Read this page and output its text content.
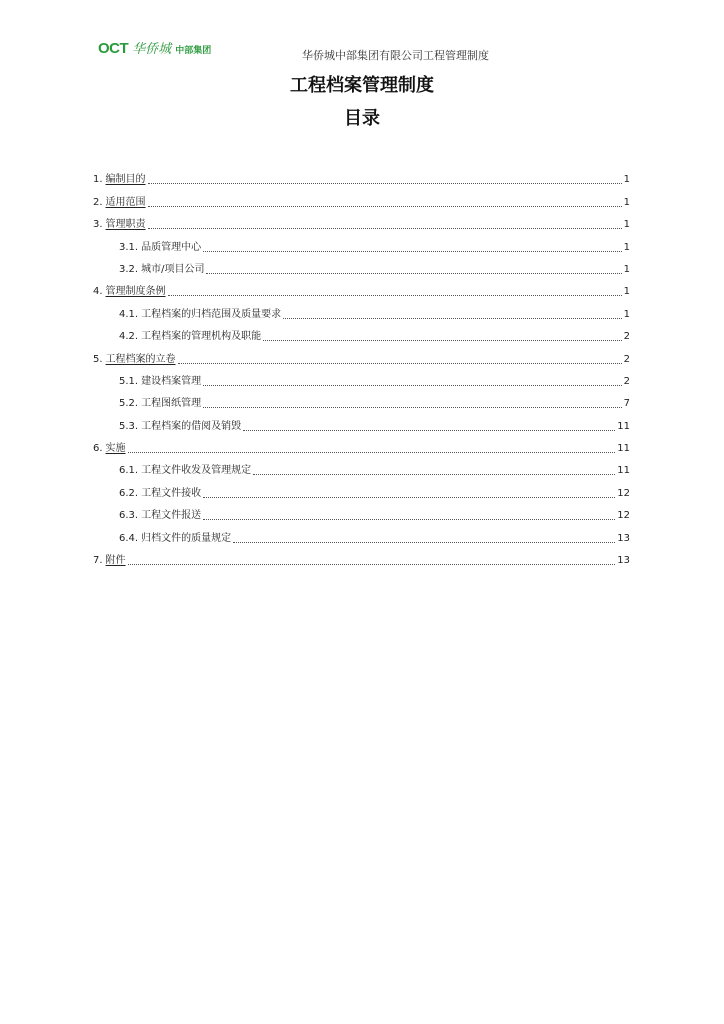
OCT 华侨城 中部集团	华侨城中部集团有限公司工程管理制度
工程档案管理制度
目录
1. 编制目的	1
2. 适用范围	1
3. 管理职责	1
3.1. 品质管理中心	1
3.2. 城市/项目公司	1
4. 管理制度条例	1
4.1. 工程档案的归档范围及质量要求	1
4.2. 工程档案的管理机构及职能	2
5. 工程档案的立卷	2
5.1. 建设档案管理	2
5.2. 工程图纸管理	7
5.3. 工程档案的借阅及销毁	11
6. 实施	11
6.1. 工程文件收发及管理规定	11
6.2. 工程文件接收	12
6.3. 工程文件报送	12
6.4. 归档文件的质量规定	13
7. 附件	13
